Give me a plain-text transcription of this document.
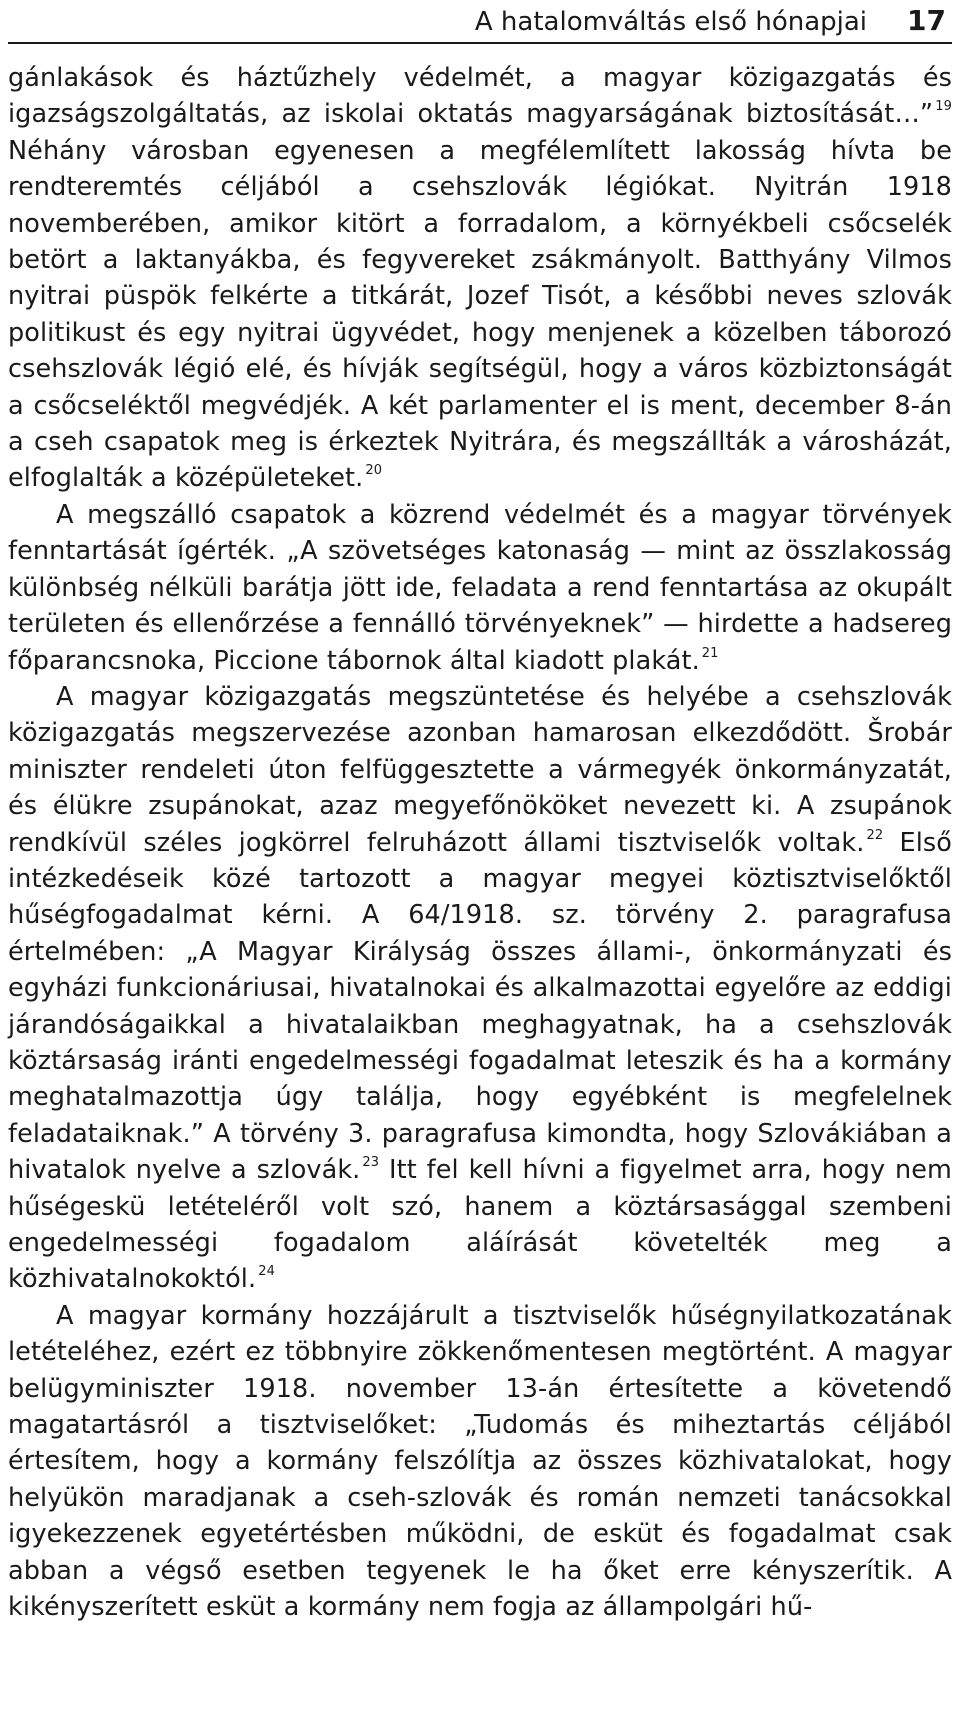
A hatalomváltás első hónapjai 17

gánlakások és háztűzhely védelmét, a magyar közigazgatás és igazságszolgáltatás, az iskolai oktatás magyarságának biztosítását…” $^{19}$ Néhány városban egyenesen a megfélemlített lakosság hívta be rendteremtés céljából a csehszlovák légiókat. Nyitrán 1918 novemberében, amikor kitört a forradalom, a környékbeli csőcselék betört a laktanyákba, és fegyvereket zsákmányolt. Batthyány Vilmos nyitrai püspök felkérte a titkárát, Jozef Tisót, a későbbi neves szlovák politikust és egy nyitrai ügyvédet, hogy menjenek a közelben táborozó csehszlovák légió elé, és hívják segítségül, hogy a város közbiztonságát a csőcseléktől megvédjék. A két parlamenter el is ment, december 8-án a cseh csapatok meg is érkeztek Nyitrára, és megszállták a városházát, elfoglalták a középületeket. $^{20}$

A megszálló csapatok a közrend védelmét és a magyar törvények fenntartását ígérték. „A szövetséges katonaság — mint az összlakosság különbség nélküli barátja jött ide, feladata a rend fenntartása az okupált területen és ellenőrzése a fennálló törvényeknek” — hirdette a hadsereg főparancsnoka, Piccione tábornok által kiadott plakát. $^{21}$

A magyar közigazgatás megszüntetése és helyébe a csehszlovák közigazgatás megszervezése azonban hamarosan elkezdődött. Šrobár miniszter rendeleti úton felfüggesztette a vármegyék önkormányzatát, és élükre zsupánokat, azaz megyefőnököket nevezett ki. A zsupánok rendkívül széles jogkörrel felruházott állami tisztviselők voltak. $^{22}$ Első intézkedéseik közé tartozott a magyar megyei köztisztviselőktől hűségfogadalmat kérni. A 64/1918. sz. törvény 2. paragrafusa értelmében: „A Magyar Királyság összes állami-, önkormányzati és egyházi funkcionáriusai, hivatalnokai és alkalmazottai egyelőre az eddigi járandóságaikkal a hivatalaikban meghagyatnak, ha a csehszlovák köztársaság iránti engedelmességi fogadalmat leteszik és ha a kormány meghatalmazottja úgy találja, hogy egyébként is megfelelnek feladataiknak.” A törvény 3. paragrafusa kimondta, hogy Szlovákiában a hivatalok nyelve a szlovák. $^{23}$ Itt fel kell hívni a figyelmet arra, hogy nem hűségeskü letételéről volt szó, hanem a köztársasággal szembeni engedelmességi fogadalom aláírását követelték meg a közhivatalnokoktól. $^{24}$

A magyar kormány hozzájárult a tisztviselők hűségnyilatkozatának letételéhez, ezért ez többnyire zökkenőmentesen megtörtént. A magyar belügyminiszter 1918. november 13-án értesítette a követendő magatartásról a tisztviselőket: „Tudomás és miheztartás céljából értesítem, hogy a kormány felszólítja az összes közhivatalokat, hogy helyükön maradjanak a cseh-szlovák és román nemzeti tanácsokkal igyekezzenek egyetértésben működni, de esküt és fogadalmat csak abban a végső esetben tegyenek le ha őket erre kényszerítik. A kikényszerített esküt a kormány nem fogja az állampolgári hű-
